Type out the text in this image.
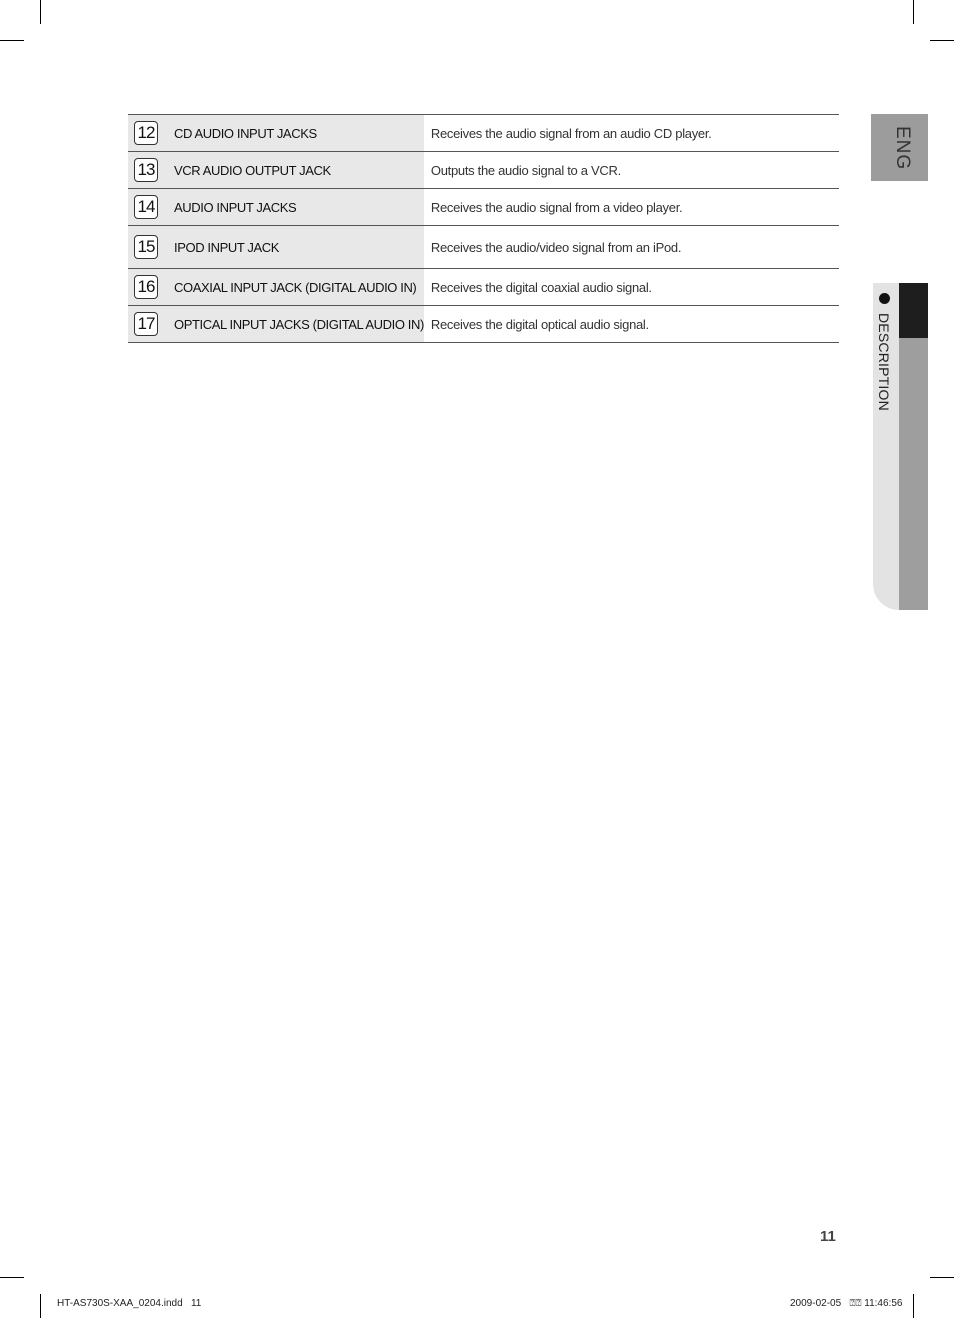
12	CD AUDIO INPUT JACKS	Receives the audio signal from an audio CD player.
13	VCR AUDIO OUTPUT JACK	Outputs the audio signal to a VCR.
14	AUDIO INPUT JACKS	Receives the audio signal from a video player.
15	IPOD INPUT JACK	Receives the audio/video signal from an iPod.
16	COAXIAL INPUT JACK (DIGITAL AUDIO IN)	Receives the digital coaxial audio signal.
17	OPTICAL INPUT JACKS (DIGITAL AUDIO IN)	Receives the digital optical audio signal.
ENG
DESCRIPTION
11
HT-AS730S-XAA_0204.indd   11	2009-02-05   ⍰⍰ 11:46:56
